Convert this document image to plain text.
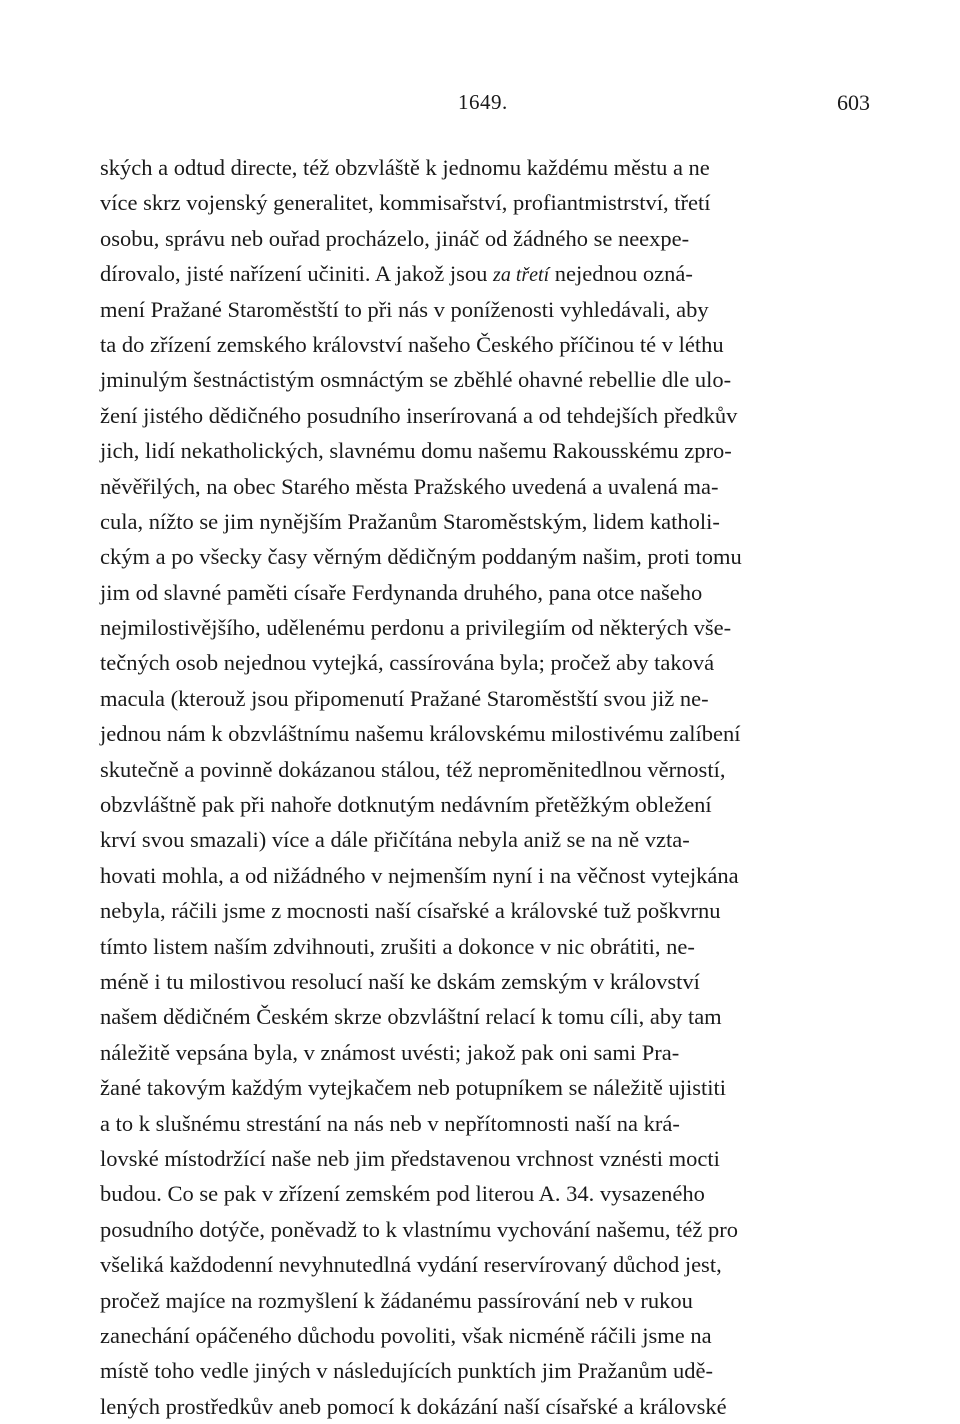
1649.	603
ských a odtud directe, též obzvláště k jednomu každému městu a ne
více skrz vojenský generalitet, kommisařství, profiantmistrství, třetí
osobu, správu neb ouřad procházelo, jináč od žádného se neexpe-
dírovalo, jisté nařízení učiniti. A jakož jsou za třetí nejednou ozná-
mení Pražané Staroměstští to při nás v poníženosti vyhledávali, aby
ta do zřízení zemského království našeho Českého příčinou té v léthu
jminulým šestnáctistým osmnáctým se zběhlé ohavné rebellie dle ulo-
žení jistého dědičného posudního inserírovaná a od tehdejších předkův
jich, lidí nekatholických, slavnému domu našemu Rakousskému zpro-
něvěřilých, na obec Starého města Pražského uvedená a uvalená ma-
cula, nížto se jim nynějším Pražanům Staroměstským, lidem katholi-
ckým a po všecky časy věrným dědičným poddaným našim, proti tomu
jim od slavné paměti císaře Ferdynanda druhého, pana otce našeho
nejmilostivějšího, udělenému perdonu a privilegiím od některých vše-
tečných osob nejednou vytejká, cassírována byla; pročež aby taková
macula (kterouž jsou připomenutí Pražané Staroměstští svou již ne-
jednou nám k obzvláštnímu našemu královskému milostivému zalíbení
skutečně a povinně dokázanou stálou, též nepromĕnitedlnou věrností,
obzvláštně pak při nahoře dotknutým nedávním přetěžkým obležení
krví svou smazali) více a dále přičítána nebyla aniž se na ně vzta-
hovati mohla, a od nižádného v nejmenším nyní i na věčnost vytejkána
nebyla, ráčili jsme z mocnosti naší císařské a královské tuž poškvrnu
tímto listem naším zdvihnouti, zrušiti a dokonce v nic obrátiti, ne-
méně i tu milostivou resolucí naší ke dskám zemským v království
našem dědičném Českém skrze obzvláštní relací k tomu cíli, aby tam
náležitě vepsána byla, v známost uvésti; jakož pak oni sami Pra-
žané takovým každým vytejkačem neb potupníkem se náležitě ujistiti
a to k slušnému strestání na nás neb v nepřítomnosti naší na krá-
lovské místodržící naše neb jim představenou vrchnost vznésti mocti
budou. Co se pak v zřízení zemském pod literou A. 34. vysazeného
posudního dotýče, poněvadž to k vlastnímu vychování našemu, též pro
všeliká každodenní nevyhnutedlná vydání reservírovaný důchod jest,
pročež majíce na rozmyšlení k žádanému passírování neb v rukou
zanechání opáčeného důchodu povoliti, však nicméně ráčili jsme na
místě toho vedle jiných v následujících punktích jim Pražanům udě-
lených prostředkův aneb pomocí k dokázání naší císařské a královské
